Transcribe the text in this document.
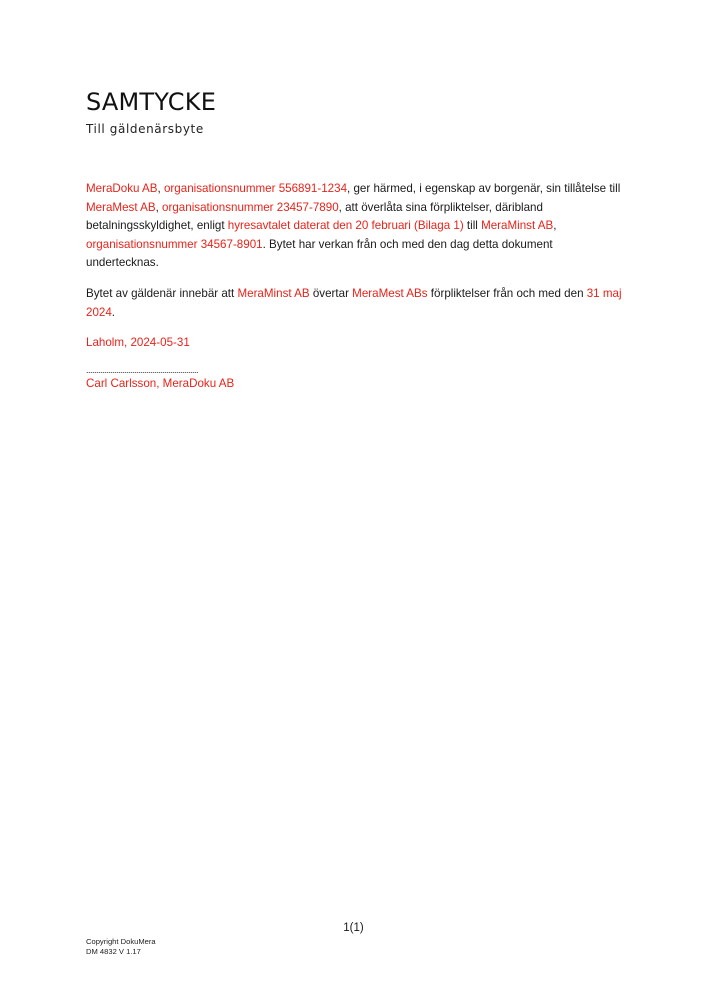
SAMTYCKE
Till gäldenärsbyte

MeraDoku AB, organisationsnummer 556891-1234, ger härmed, i egenskap av borgenär, sin tillåtelse till MeraMest AB, organisationsnummer 23457-7890, att överlåta sina förpliktelser, däribland betalningsskyldighet, enligt hyresavtalet daterat den 20 februari (Bilaga 1) till MeraMinst AB, organisationsnummer 34567-8901. Bytet har verkan från och med den dag detta dokument undertecknas.

Bytet av gäldenär innebär att MeraMinst AB övertar MeraMest ABs förpliktelser från och med den 31 maj 2024.

Laholm, 2024-05-31

........................................................
Carl Carlsson, MeraDoku AB
1(1)
Copyright DokuMera
DM 4832 V 1.17
